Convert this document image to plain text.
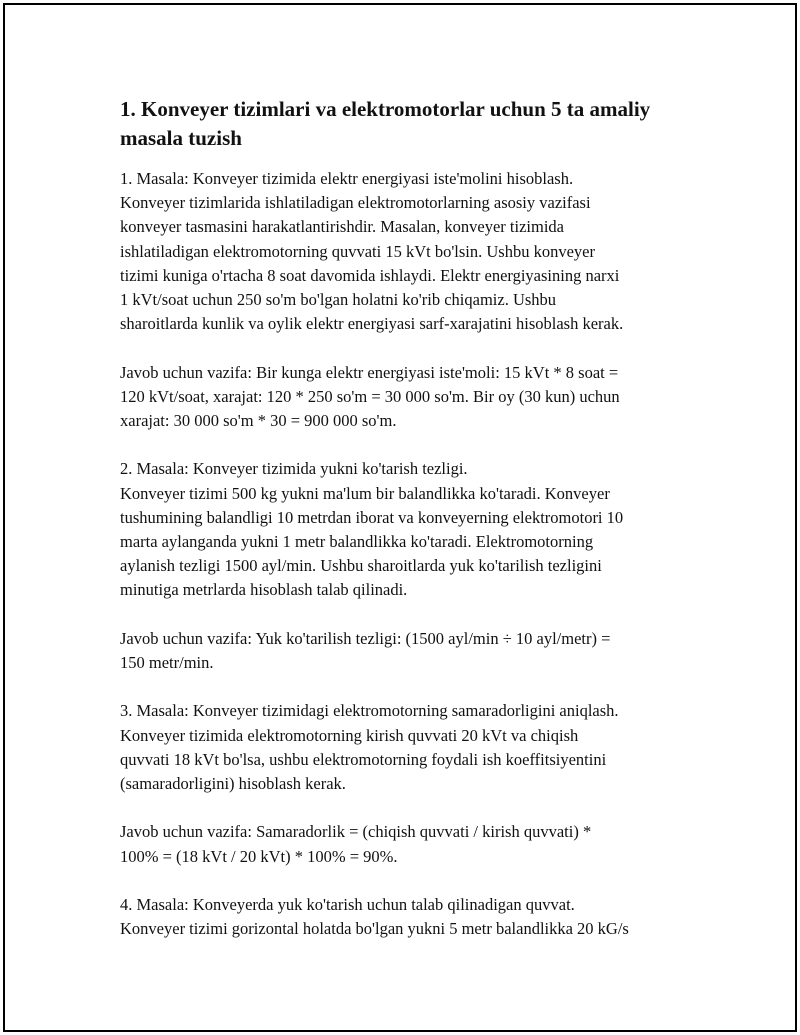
1. Konveyer tizimlari va elektromotorlar uchun 5 ta amaliy
masala tuzish

1. Masala: Konveyer tizimida elektr energiyasi iste'molini hisoblash.
Konveyer tizimlarida ishlatiladigan elektromotorlarning asosiy vazifasi
konveyer tasmasini harakatlantirishdir. Masalan, konveyer tizimida
ishlatiladigan elektromotorning quvvati 15 kVt bo'lsin. Ushbu konveyer
tizimi kuniga o'rtacha 8 soat davomida ishlaydi. Elektr energiyasining narxi
1 kVt/soat uchun 250 so'm bo'lgan holatni ko'rib chiqamiz. Ushbu
sharoitlarda kunlik va oylik elektr energiyasi sarf-xarajatini hisoblash kerak.

Javob uchun vazifa: Bir kunga elektr energiyasi iste'moli: 15 kVt * 8 soat =
120 kVt/soat, xarajat: 120 * 250 so'm = 30 000 so'm. Bir oy (30 kun) uchun
xarajat: 30 000 so'm * 30 = 900 000 so'm.

2. Masala: Konveyer tizimida yukni ko'tarish tezligi.
Konveyer tizimi 500 kg yukni ma'lum bir balandlikka ko'taradi. Konveyer
tushumining balandligi 10 metrdan iborat va konveyerning elektromotori 10
marta aylanganda yukni 1 metr balandlikka ko'taradi. Elektromotorning
aylanish tezligi 1500 ayl/min. Ushbu sharoitlarda yuk ko'tarilish tezligini
minutiga metrlarda hisoblash talab qilinadi.

Javob uchun vazifa: Yuk ko'tarilish tezligi: (1500 ayl/min ÷ 10 ayl/metr) =
150 metr/min.

3. Masala: Konveyer tizimidagi elektromotorning samaradorligini aniqlash.
Konveyer tizimida elektromotorning kirish quvvati 20 kVt va chiqish
quvvati 18 kVt bo'lsa, ushbu elektromotorning foydali ish koeffitsiyentini
(samaradorligini) hisoblash kerak.

Javob uchun vazifa: Samaradorlik = (chiqish quvvati / kirish quvvati) *
100% = (18 kVt / 20 kVt) * 100% = 90%.

4. Masala: Konveyerda yuk ko'tarish uchun talab qilinadigan quvvat.
Konveyer tizimi gorizontal holatda bo'lgan yukni 5 metr balandlikka 20 kG/s
